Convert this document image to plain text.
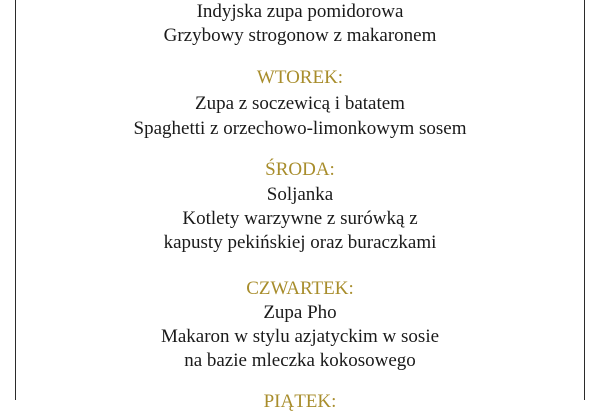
Indyjska zupa pomidorowa
Grzybowy strogonow z makaronem
WTOREK:
Zupa z soczewicą i batatem
Spaghetti z orzechowo-limonkowym sosem
ŚRODA:
Soljanka
Kotlety warzywne z surówką z
kapusty pekińskiej oraz buraczkami
CZWARTEK:
Zupa Pho
Makaron w stylu azjatyckim w sosie
na bazie mleczka kokosowego
PIĄTEK:
